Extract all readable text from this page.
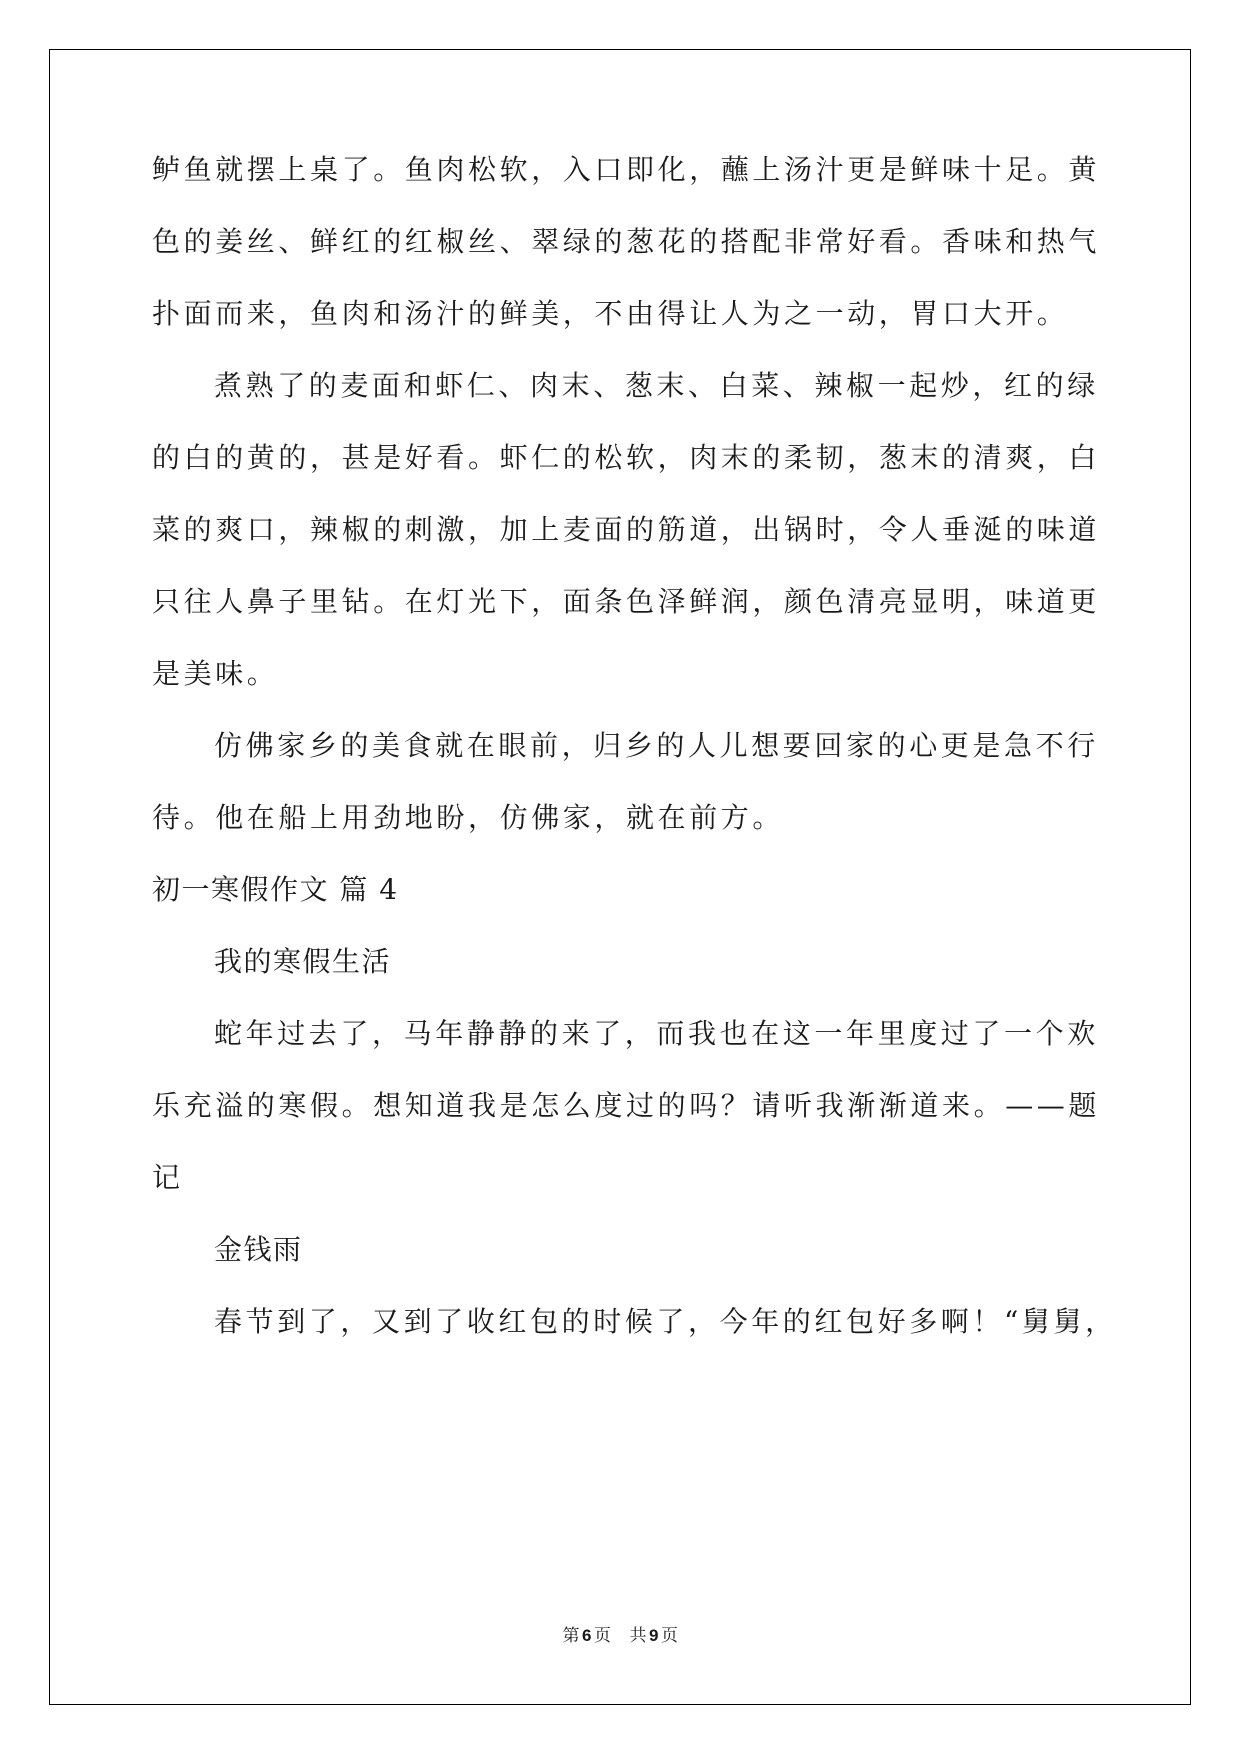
鲈鱼就摆上桌了。鱼肉松软，入口即化，蘸上汤汁更是鲜味十足。黄
色的姜丝、鲜红的红椒丝、翠绿的葱花的搭配非常好看。香味和热气
扑面而来，鱼肉和汤汁的鲜美，不由得让人为之一动，胃口大开。
煮熟了的麦面和虾仁、肉末、葱末、白菜、辣椒一起炒，红的绿
的白的黄的，甚是好看。虾仁的松软，肉末的柔韧，葱末的清爽，白
菜的爽口，辣椒的刺激，加上麦面的筋道，出锅时，令人垂涎的味道
只往人鼻子里钻。在灯光下，面条色泽鲜润，颜色清亮显明，味道更
是美味。
仿佛家乡的美食就在眼前，归乡的人儿想要回家的心更是急不行
待。他在船上用劲地盼，仿佛家，就在前方。
初一寒假作文 篇 4
我的寒假生活
蛇年过去了，马年静静的来了，而我也在这一年里度过了一个欢
乐充溢的寒假。想知道我是怎么度过的吗？请听我渐渐道来。——题
记
金钱雨
春节到了，又到了收红包的时候了，今年的红包好多啊！“舅舅，
第 6 页 共 9 页
